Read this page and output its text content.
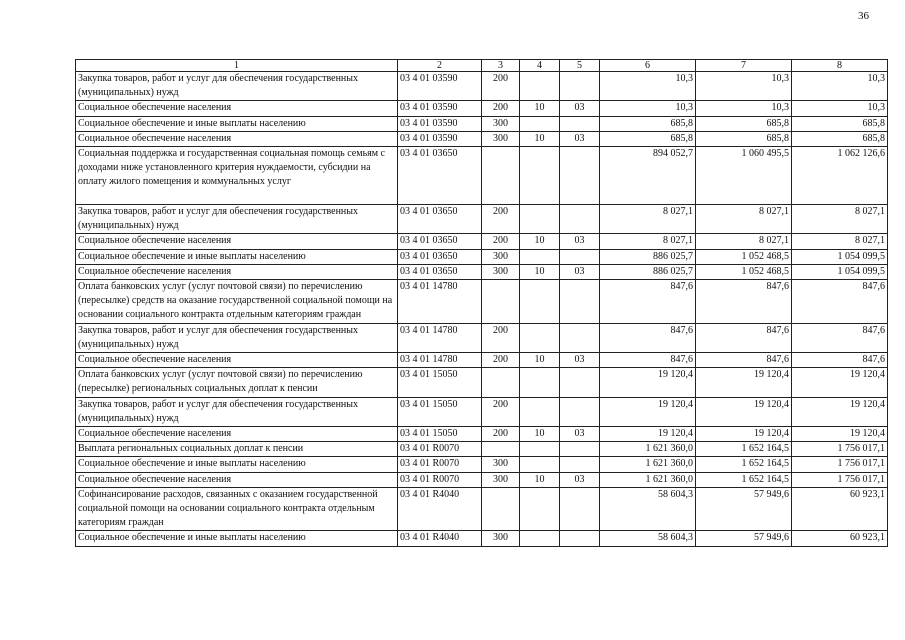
36
1	2	3	4	5	6	7	8
Закупка товаров, работ и услуг для обеспечения государственных (муниципальных) нужд	03 4 01 03590	200			10,3	10,3	10,3
Социальное обеспечение населения	03 4 01 03590	200	10	03	10,3	10,3	10,3
Социальное обеспечение и иные выплаты населению	03 4 01 03590	300			685,8	685,8	685,8
Социальное обеспечение населения	03 4 01 03590	300	10	03	685,8	685,8	685,8
Социальная поддержка и государственная социальная помощь семьям с доходами ниже установленного критерия нуждаемости, субсидии на оплату жилого помещения и коммунальных услуг	03 4 01 03650				894 052,7	1 060 495,5	1 062 126,6
Закупка товаров, работ и услуг для обеспечения государственных (муниципальных) нужд	03 4 01 03650	200			8 027,1	8 027,1	8 027,1
Социальное обеспечение населения	03 4 01 03650	200	10	03	8 027,1	8 027,1	8 027,1
Социальное обеспечение и иные выплаты населению	03 4 01 03650	300			886 025,7	1 052 468,5	1 054 099,5
Социальное обеспечение населения	03 4 01 03650	300	10	03	886 025,7	1 052 468,5	1 054 099,5
Оплата банковских услуг (услуг почтовой связи) по перечислению (пересылке) средств на оказание государственной социальной помощи на основании социального контракта отдельным категориям граждан	03 4 01 14780				847,6	847,6	847,6
Закупка товаров, работ и услуг для обеспечения государственных (муниципальных) нужд	03 4 01 14780	200			847,6	847,6	847,6
Социальное обеспечение населения	03 4 01 14780	200	10	03	847,6	847,6	847,6
Оплата банковских услуг (услуг почтовой связи) по перечислению (пересылке) региональных социальных доплат к пенсии	03 4 01 15050				19 120,4	19 120,4	19 120,4
Закупка товаров, работ и услуг для обеспечения государственных (муниципальных) нужд	03 4 01 15050	200			19 120,4	19 120,4	19 120,4
Социальное обеспечение населения	03 4 01 15050	200	10	03	19 120,4	19 120,4	19 120,4
Выплата региональных социальных доплат к пенсии	03 4 01 R0070				1 621 360,0	1 652 164,5	1 756 017,1
Социальное обеспечение и иные выплаты населению	03 4 01 R0070	300			1 621 360,0	1 652 164,5	1 756 017,1
Социальное обеспечение населения	03 4 01 R0070	300	10	03	1 621 360,0	1 652 164,5	1 756 017,1
Софинансирование расходов, связанных с оказанием государственной социальной помощи на основании социального контракта отдельным категориям граждан	03 4 01 R4040				58 604,3	57 949,6	60 923,1
Социальное обеспечение и иные выплаты населению	03 4 01 R4040	300			58 604,3	57 949,6	60 923,1
